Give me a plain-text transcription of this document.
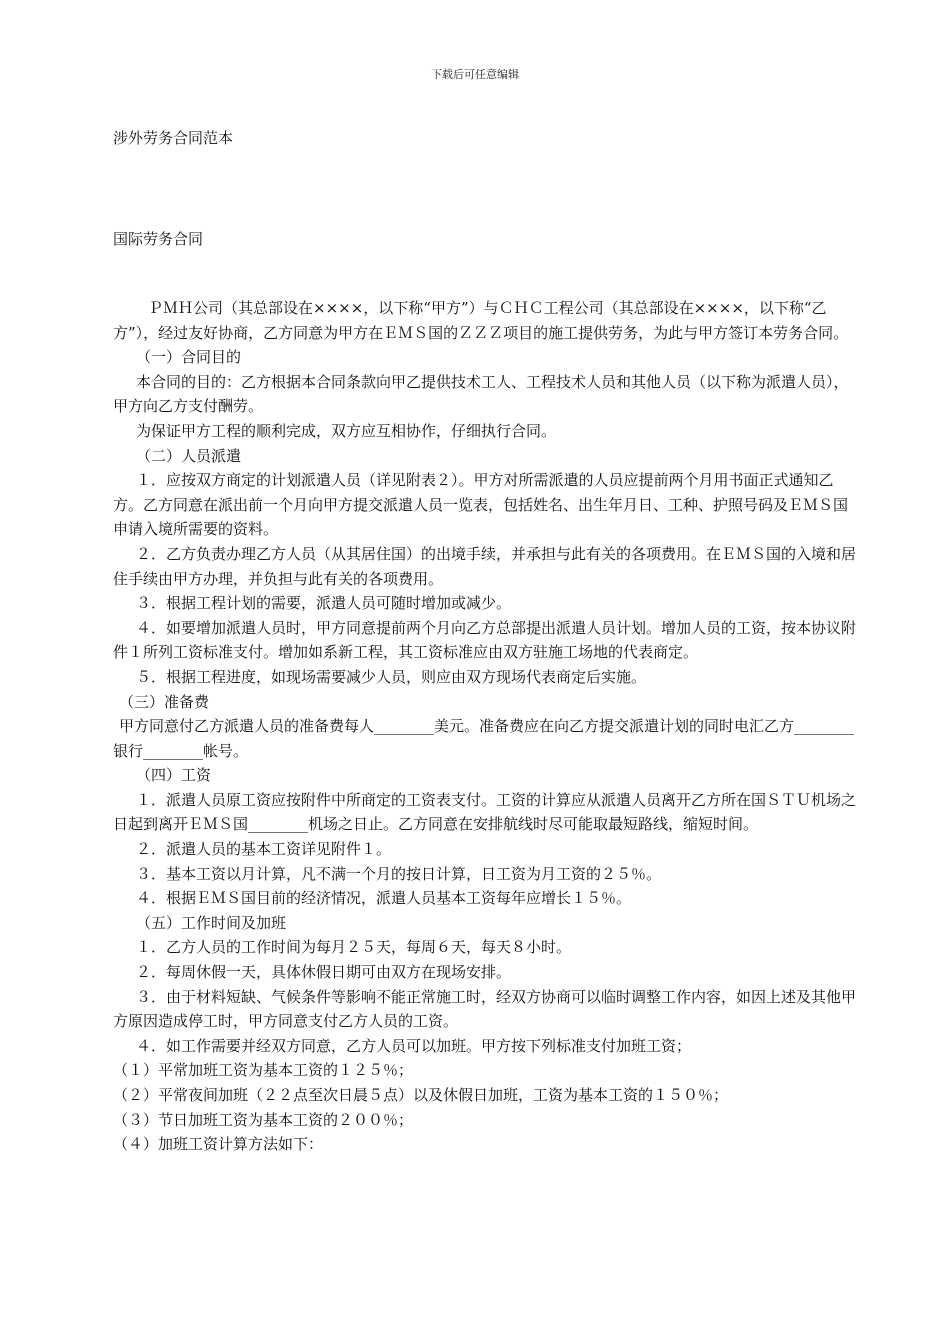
下载后可任意编辑
涉外劳务合同范本
国际劳务合同

ＰＭＨ公司（其总部设在××××，以下称“甲方”）与ＣＨＣ工程公司（其总部设在××××，以下称“乙方”），经过友好协商，乙方同意为甲方在ＥＭＳ国的ＺＺＺ项目的施工提供劳务，为此与甲方签订本劳务合同。

（一）合同目的

本合同的目的：乙方根据本合同条款向甲乙提供技术工人、工程技术人员和其他人员（以下称为派遣人员），甲方向乙方支付酬劳。

为保证甲方工程的顺利完成，双方应互相协作，仔细执行合同。

（二）人员派遣

１．应按双方商定的计划派遣人员（详见附表２）。甲方对所需派遣的人员应提前两个月用书面正式通知乙方。乙方同意在派出前一个月向甲方提交派遣人员一览表，包括姓名、出生年月日、工种、护照号码及ＥＭＳ国申请入境所需要的资料。

２．乙方负责办理乙方人员（从其居住国）的出境手续，并承担与此有关的各项费用。在ＥＭＳ国的入境和居住手续由甲方办理，并负担与此有关的各项费用。

３．根据工程计划的需要，派遣人员可随时增加或减少。

４．如要增加派遣人员时，甲方同意提前两个月向乙方总部提出派遣人员计划。增加人员的工资，按本协议附件１所列工资标准支付。增加如系新工程，其工资标准应由双方驻施工场地的代表商定。

５．根据工程进度，如现场需要减少人员，则应由双方现场代表商定后实施。

（三）准备费

甲方同意付乙方派遣人员的准备费每人________美元。准备费应在向乙方提交派遣计划的同时电汇乙方________银行________帐号。

（四）工资

１．派遣人员原工资应按附件中所商定的工资表支付。工资的计算应从派遣人员离开乙方所在国ＳＴＵ机场之日起到离开ＥＭＳ国________机场之日止。乙方同意在安排航线时尽可能取最短路线，缩短时间。

２．派遣人员的基本工资详见附件１。

３．基本工资以月计算，凡不满一个月的按日计算，日工资为月工资的２５％。

４．根据ＥＭＳ国目前的经济情况，派遣人员基本工资每年应增长１５％。

（五）工作时间及加班

１．乙方人员的工作时间为每月２５天，每周６天，每天８小时。

２．每周休假一天，具体休假日期可由双方在现场安排。

３．由于材料短缺、气候条件等影响不能正常施工时，经双方协商可以临时调整工作内容，如因上述及其他甲方原因造成停工时，甲方同意支付乙方人员的工资。

４．如工作需要并经双方同意，乙方人员可以加班。甲方按下列标准支付加班工资；

（１）平常加班工资为基本工资的１２５％；

（２）平常夜间加班（２２点至次日晨５点）以及休假日加班，工资为基本工资的１５０％；

（３）节日加班工资为基本工资的２００％；

（４）加班工资计算方法如下：
